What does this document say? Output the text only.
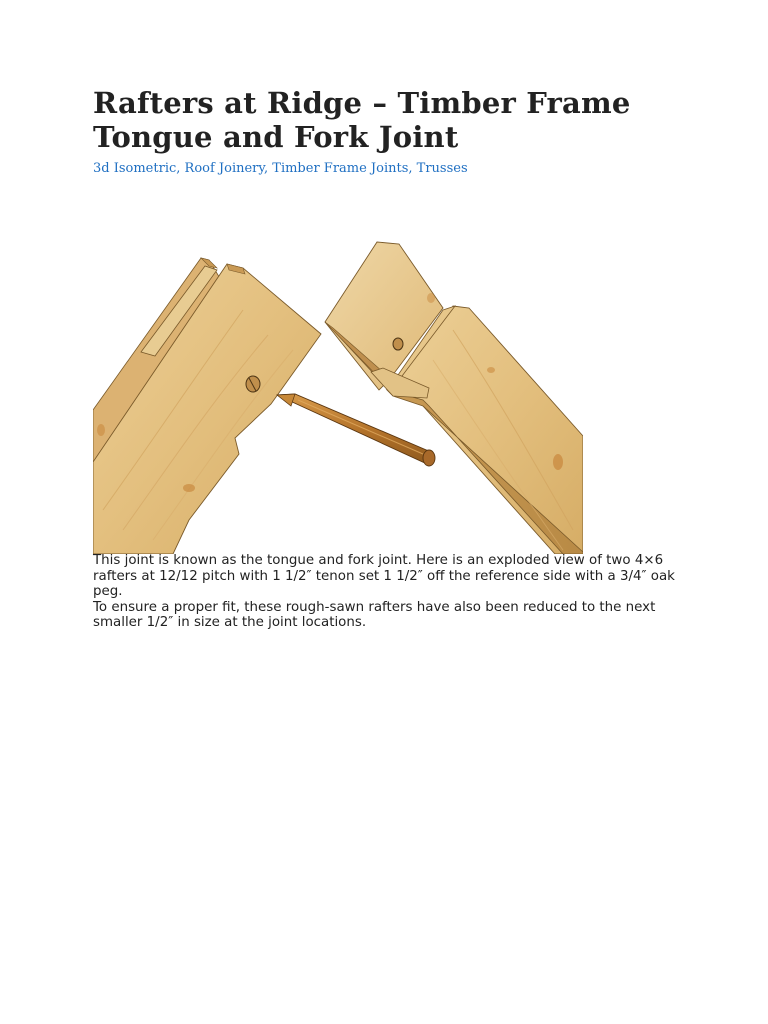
Rafters at Ridge – Timber Frame Tongue and Fork Joint
3d Isometric, Roof Joinery, Timber Frame Joints, Trusses

This joint is known as the tongue and fork joint. Here is an exploded view of two 4×6 rafters at 12/12 pitch with 1 1/2″ tenon set 1 1/2″ off the reference side with a 3/4″ oak peg.

To ensure a proper fit, these rough-sawn rafters have also been reduced to the next smaller 1/2″ in size at the joint locations.
